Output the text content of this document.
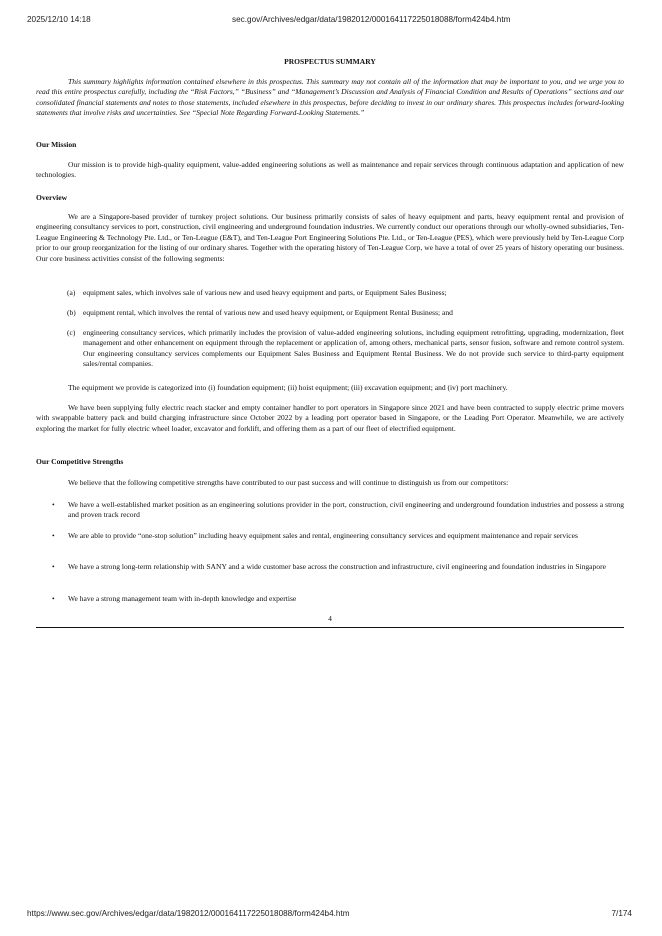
2025/12/10 14:18	sec.gov/Archives/edgar/data/1982012/000164117225018088/form424b4.htm
PROSPECTUS SUMMARY
This summary highlights information contained elsewhere in this prospectus. This summary may not contain all of the information that may be important to you, and we urge you to read this entire prospectus carefully, including the “Risk Factors,” “Business” and “Management’s Discussion and Analysis of Financial Condition and Results of Operations” sections and our consolidated financial statements and notes to those statements, included elsewhere in this prospectus, before deciding to invest in our ordinary shares. This prospectus includes forward-looking statements that involve risks and uncertainties. See “Special Note Regarding Forward-Looking Statements.”
Our Mission
Our mission is to provide high-quality equipment, value-added engineering solutions as well as maintenance and repair services through continuous adaptation and application of new technologies.
Overview
We are a Singapore-based provider of turnkey project solutions. Our business primarily consists of sales of heavy equipment and parts, heavy equipment rental and provision of engineering consultancy services to port, construction, civil engineering and underground foundation industries. We currently conduct our operations through our wholly-owned subsidiaries, Ten-League Engineering & Technology Pte. Ltd., or Ten-League (E&T), and Ten-League Port Engineering Solutions Pte. Ltd., or Ten-League (PES), which were previously held by Ten-League Corp prior to our group reorganization for the listing of our ordinary shares. Together with the operating history of Ten-League Corp, we have a total of over 25 years of history operating our business. Our core business activities consist of the following segments:
(a) equipment sales, which involves sale of various new and used heavy equipment and parts, or Equipment Sales Business;
(b) equipment rental, which involves the rental of various new and used heavy equipment, or Equipment Rental Business; and
(c) engineering consultancy services, which primarily includes the provision of value-added engineering solutions, including equipment retrofitting, upgrading, modernization, fleet management and other enhancement on equipment through the replacement or application of, among others, mechanical parts, sensor fusion, software and remote control system. Our engineering consultancy services complements our Equipment Sales Business and Equipment Rental Business. We do not provide such service to third-party equipment sales/rental companies.
The equipment we provide is categorized into (i) foundation equipment; (ii) hoist equipment; (iii) excavation equipment; and (iv) port machinery.
We have been supplying fully electric reach stacker and empty container handler to port operators in Singapore since 2021 and have been contracted to supply electric prime movers with swappable battery pack and build charging infrastructure since October 2022 by a leading port operator based in Singapore, or the Leading Port Operator. Meanwhile, we are actively exploring the market for fully electric wheel loader, excavator and forklift, and offering them as a part of our fleet of electrified equipment.
Our Competitive Strengths
We believe that the following competitive strengths have contributed to our past success and will continue to distinguish us from our competitors:
• We have a well-established market position as an engineering solutions provider in the port, construction, civil engineering and underground foundation industries and possess a strong and proven track record
• We are able to provide “one-stop solution” including heavy equipment sales and rental, engineering consultancy services and equipment maintenance and repair services
• We have a strong long-term relationship with SANY and a wide customer base across the construction and infrastructure, civil engineering and foundation industries in Singapore
• We have a strong management team with in-depth knowledge and expertise
4
https://www.sec.gov/Archives/edgar/data/1982012/000164117225018088/form424b4.htm	7/174
